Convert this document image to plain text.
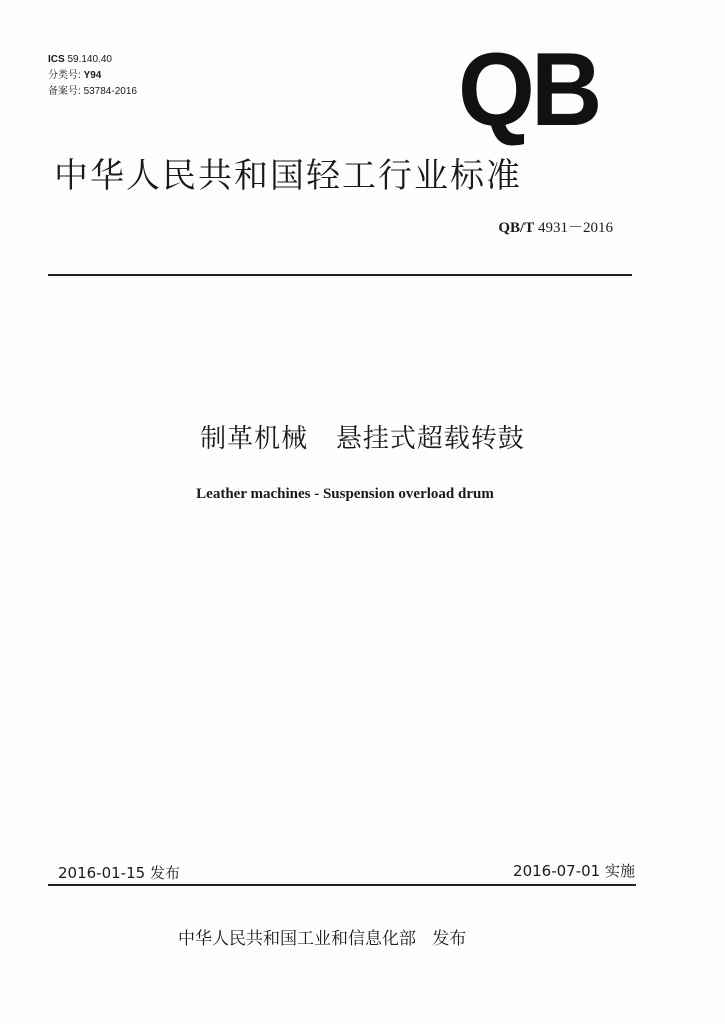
ICS 59.140.40
分类号: Y94
备案号: 53784-2016	QB
中华人民共和国轻工行业标准
QB/T 4931－2016
制革机械   悬挂式超载转鼓
Leather machines - Suspension overload drum
2016-01-15 发布	2016-07-01 实施
中华人民共和国工业和信息化部   发布
